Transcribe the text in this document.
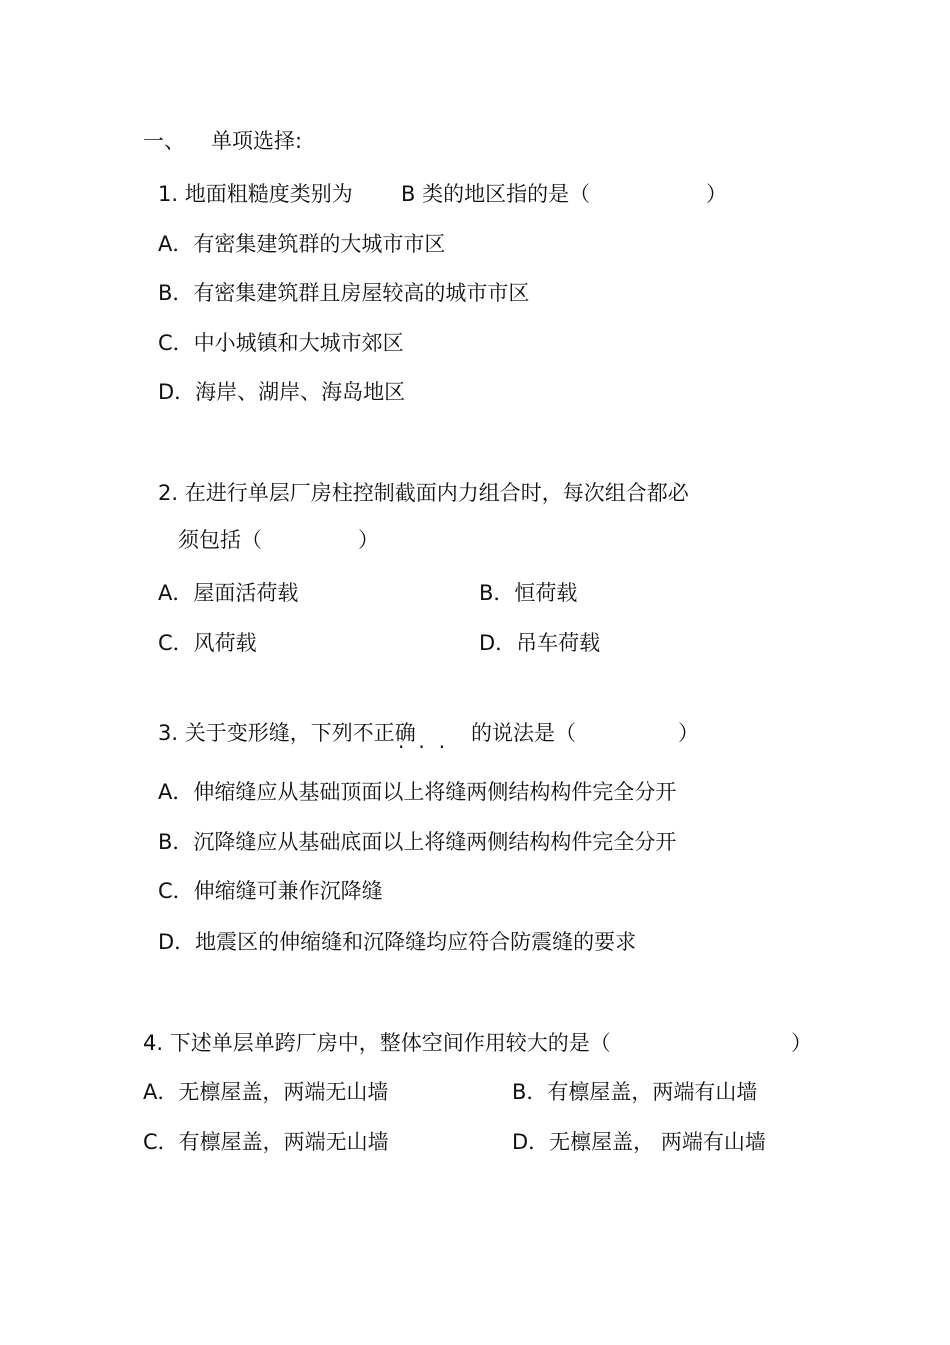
一、 单项选择:
1. 地面粗糙度类别为 B 类的地区指的是（	）
A．有密集建筑群的大城市市区
B．有密集建筑群且房屋较高的城市市区
C．中小城镇和大城市郊区
D．海岸、湖岸、海岛地区
2. 在进行单层厂房柱控制截面内力组合时，每次组合都必
须包括（	）
A．屋面活荷载	B．恒荷载
C．风荷载	D．吊车荷载
3. 关于变形缝，下列不正确
···
的说法是（	）
A．伸缩缝应从基础顶面以上将缝两侧结构构件完全分开
B．沉降缝应从基础底面以上将缝两侧结构构件完全分开
C．伸缩缝可兼作沉降缝
D．地震区的伸缩缝和沉降缝均应符合防震缝的要求
4. 下述单层单跨厂房中，整体空间作用较大的是（	）
A．无檩屋盖，两端无山墙	B．有檩屋盖，两端有山墙
C．有檩屋盖，两端无山墙	D．无檩屋盖， 两端有山墙
